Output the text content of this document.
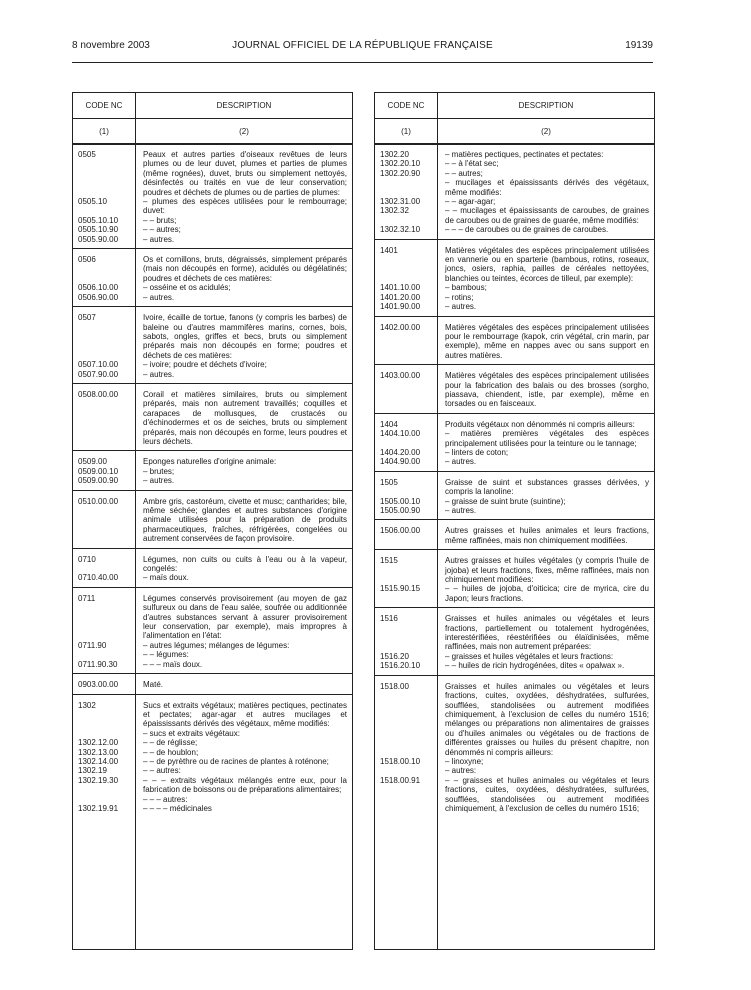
8 novembre 2003	JOURNAL OFFICIEL DE LA RÉPUBLIQUE FRANÇAISE	19139
CODE NC	DESCRIPTION
(1)	(2)
0505	Peaux et autres parties d'oiseaux revêtues de leurs plumes ou de leur duvet, plumes et parties de plumes (même rognées), duvet, bruts ou simplement nettoyés, désinfectés ou traités en vue de leur conservation; poudres et déchets de plumes ou de parties de plumes:
0505.10	– plumes des espèces utilisées pour le rembourrage; duvet:
0505.10.10	– – bruts;
0505.10.90	– – autres;
0505.90.00	– autres.
0506	Os et cornillons, bruts, dégraissés, simplement préparés (mais non découpés en forme), acidulés ou dégélatinés; poudres et déchets de ces matières:
0506.10.00	– osséine et os acidulés;
0506.90.00	– autres.
0507	Ivoire, écaille de tortue, fanons (y compris les barbes) de baleine ou d'autres mammifères marins, cornes, bois, sabots, ongles, griffes et becs, bruts ou simplement préparés mais non découpés en forme; poudres et déchets de ces matières:
0507.10.00	– ivoire; poudre et déchets d'ivoire;
0507.90.00	– autres.
0508.00.00	Corail et matières similaires, bruts ou simplement préparés, mais non autrement travaillés; coquilles et carapaces de mollusques, de crustacés ou d'échinodermes et os de seiches, bruts ou simplement préparés, mais non découpés en forme, leurs poudres et leurs déchets.
0509.00	Eponges naturelles d'origine animale:
0509.00.10	– brutes;
0509.00.90	– autres.
0510.00.00	Ambre gris, castoréum, civette et musc; cantharides; bile, même séchée; glandes et autres substances d'origine animale utilisées pour la préparation de produits pharmaceutiques, fraîches, réfrigérées, congelées ou autrement conservées de façon provisoire.
0710	Légumes, non cuits ou cuits à l'eau ou à la vapeur, congelés:
0710.40.00	– maïs doux.
0711	Légumes conservés provisoirement (au moyen de gaz sulfureux ou dans de l'eau salée, soufrée ou additionnée d'autres substances servant à assurer provisoirement leur conservation, par exemple), mais impropres à l'alimentation en l'état:
0711.90	– autres légumes; mélanges de légumes:
– – légumes:
0711.90.30	– – – maïs doux.
0903.00.00	Maté.
1302	Sucs et extraits végétaux; matières pectiques, pectinates et pectates; agar-agar et autres mucilages et épaississants dérivés des végétaux, même modifiés:
– sucs et extraits végétaux:
1302.12.00	– – de réglisse;
1302.13.00	– – de houblon;
1302.14.00	– – de pyrèthre ou de racines de plantes à roténone;
1302.19	– – autres:
1302.19.30	– – – extraits végétaux mélangés entre eux, pour la fabrication de boissons ou de préparations alimentaires;
– – – autres:
1302.19.91	– – – – médicinales
CODE NC	DESCRIPTION
(1)	(2)
1302.20	– matières pectiques, pectinates et pectates:
1302.20.10	– – à l'état sec;
1302.20.90	– – autres;
– mucilages et épaississants dérivés des végétaux, même modifiés:
1302.31.00	– – agar-agar;
1302.32	– – mucilages et épaississants de caroubes, de graines de caroubes ou de graines de guarée, même modifiés:
1302.32.10	– – – de caroubes ou de graines de caroubes.
1401	Matières végétales des espèces principalement utilisées en vannerie ou en sparterie (bambous, rotins, roseaux, joncs, osiers, raphia, pailles de céréales nettoyées, blanchies ou teintes, écorces de tilleul, par exemple):
1401.10.00	– bambous;
1401.20.00	– rotins;
1401.90.00	– autres.
1402.00.00	Matières végétales des espèces principalement utilisées pour le rembourrage (kapok, crin végétal, crin marin, par exemple), même en nappes avec ou sans support en autres matières.
1403.00.00	Matières végétales des espèces principalement utilisées pour la fabrication des balais ou des brosses (sorgho, piassava, chiendent, istle, par exemple), même en torsades ou en faisceaux.
1404	Produits végétaux non dénommés ni compris ailleurs:
1404.10.00	– matières premières végétales des espèces principalement utilisées pour la teinture ou le tannage;
1404.20.00	– linters de coton;
1404.90.00	– autres.
1505	Graisse de suint et substances grasses dérivées, y compris la lanoline:
1505.00.10	– graisse de suint brute (suintine);
1505.00.90	– autres.
1506.00.00	Autres graisses et huiles animales et leurs fractions, même raffinées, mais non chimiquement modifiées.
1515	Autres graisses et huiles végétales (y compris l'huile de jojoba) et leurs fractions, fixes, même raffinées, mais non chimiquement modifiées:
1515.90.15	– – huiles de jojoba, d'oiticica; cire de myrica, cire du Japon; leurs fractions.
1516	Graisses et huiles animales ou végétales et leurs fractions, partiellement ou totalement hydrogénées, interestérifiées, réestérifiées ou élaïdinisées, même raffinées, mais non autrement préparées:
1516.20	– graisses et huiles végétales et leurs fractions:
1516.20.10	– – huiles de ricin hydrogénées, dites « opalwax ».
1518.00	Graisses et huiles animales ou végétales et leurs fractions, cuites, oxydées, déshydratées, sulfurées, soufflées, standolisées ou autrement modifiées chimiquement, à l'exclusion de celles du numéro 1516; mélanges ou préparations non alimentaires de graisses ou d'huiles animales ou végétales ou de fractions de différentes graisses ou huiles du présent chapitre, non dénommés ni compris ailleurs:
1518.00.10	– linoxyne;
– autres:
1518.00.91	– – graisses et huiles animales ou végétales et leurs fractions, cuites, oxydées, déshydratées, sulfurées, soufflées, standolisées ou autrement modifiées chimiquement, à l'exclusion de celles du numéro 1516;
